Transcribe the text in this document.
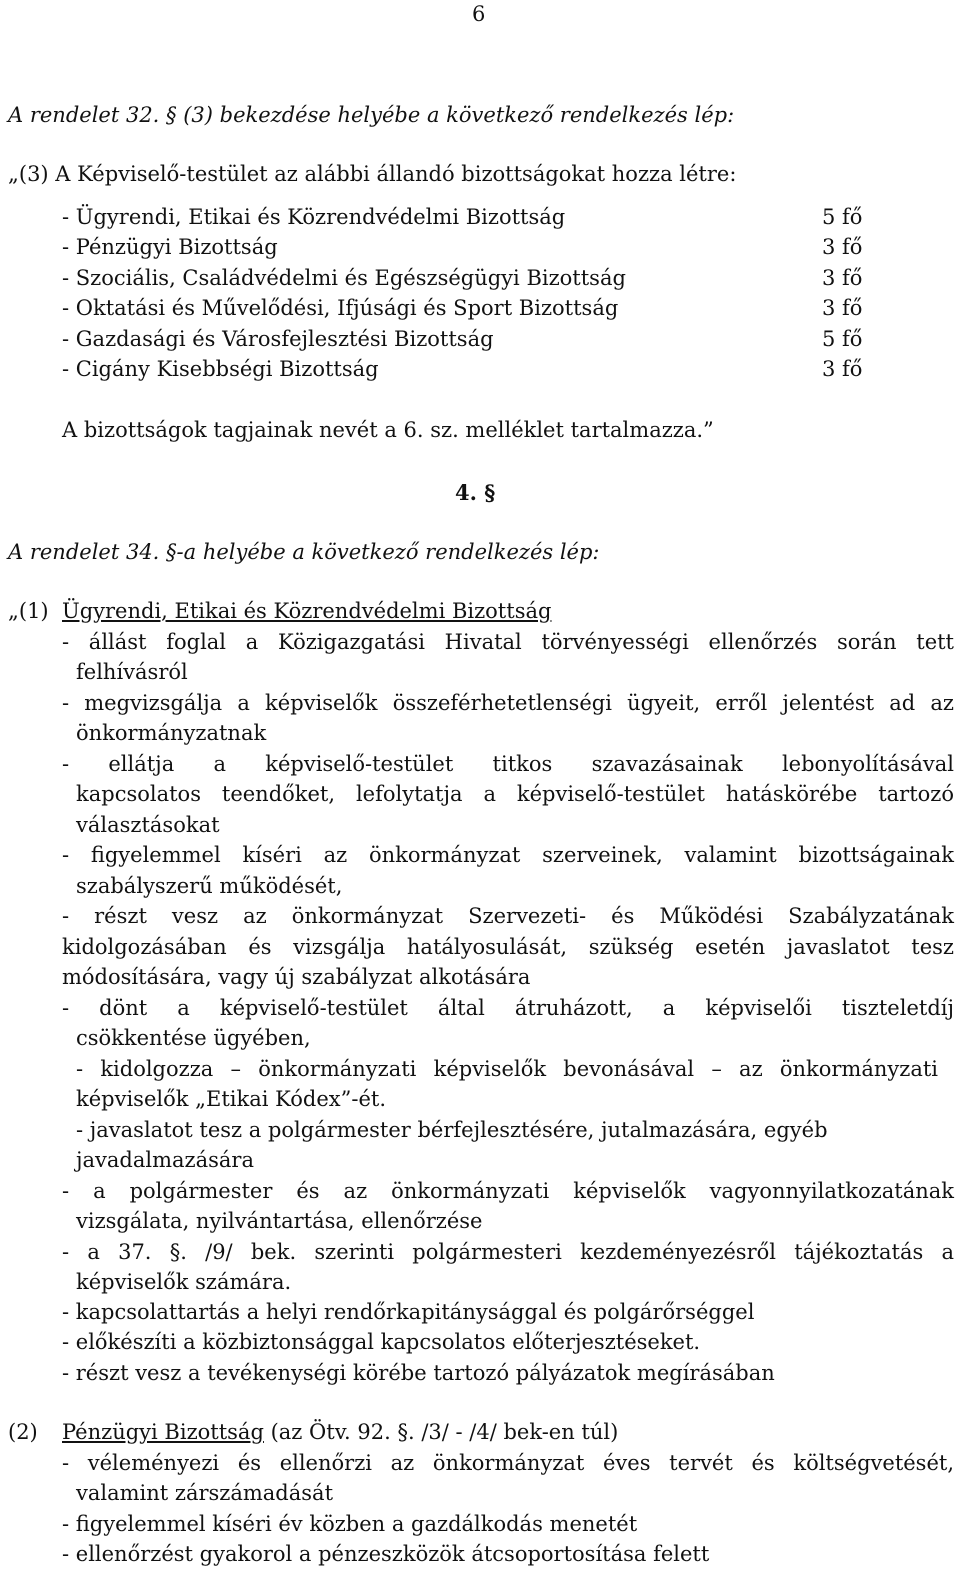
6
A rendelet 32. § (3) bekezdése helyébe a következő rendelkezés lép:
„(3) A Képviselő-testület az alábbi állandó bizottságokat hozza létre:
- Ügyrendi, Etikai és Közrendvédelmi Bizottság	5 fő
- Pénzügyi Bizottság	3 fő
- Szociális, Családvédelmi és Egészségügyi Bizottság	3 fő
- Oktatási és Művelődési, Ifjúsági és Sport Bizottság	3 fő
- Gazdasági és Városfejlesztési Bizottság	5 fő
- Cigány Kisebbségi Bizottság	3 fő
A bizottságok tagjainak nevét a 6. sz. melléklet tartalmazza.”
4. §
A rendelet 34. §-a helyébe a következő rendelkezés lép:
„(1) Ügyrendi, Etikai és Közrendvédelmi Bizottság
- állást foglal a Közigazgatási Hivatal törvényességi ellenőrzés során tett
felhívásról
- megvizsgálja a képviselők összeférhetetlenségi ügyeit, erről jelentést ad az
önkormányzatnak
- ellátja a képviselő-testület titkos szavazásainak lebonyolításával
kapcsolatos teendőket, lefolytatja a képviselő-testület hatáskörébe tartozó
választásokat
- figyelemmel kíséri az önkormányzat szerveinek, valamint bizottságainak
szabályszerű működését,
- részt vesz az önkormányzat Szervezeti- és Működési Szabályzatának
kidolgozásában és vizsgálja hatályosulását, szükség esetén javaslatot tesz
módosítására, vagy új szabályzat alkotására
- dönt a képviselő-testület által átruházott, a képviselői tiszteletdíj
csökkentése ügyében,
- kidolgozza – önkormányzati képviselők bevonásával – az önkormányzati
képviselők „Etikai Kódex”-ét.
- javaslatot tesz a polgármester bérfejlesztésére, jutalmazására, egyéb
javadalmazására
- a polgármester és az önkormányzati képviselők vagyonnyilatkozatának
vizsgálata, nyilvántartása, ellenőrzése
- a 37. §. /9/ bek. szerinti polgármesteri kezdeményezésről tájékoztatás a
képviselők számára.
- kapcsolattartás a helyi rendőrkapitánysággal és polgárőrséggel
- előkészíti a közbiztonsággal kapcsolatos előterjesztéseket.
- részt vesz a tevékenységi körébe tartozó pályázatok megírásában
(2) Pénzügyi Bizottság (az Ötv. 92. §. /3/ - /4/ bek-en túl)
- véleményezi és ellenőrzi az önkormányzat éves tervét és költségvetését,
valamint zárszámadását
- figyelemmel kíséri év közben a gazdálkodás menetét
- ellenőrzést gyakorol a pénzeszközök átcsoportosítása felett
